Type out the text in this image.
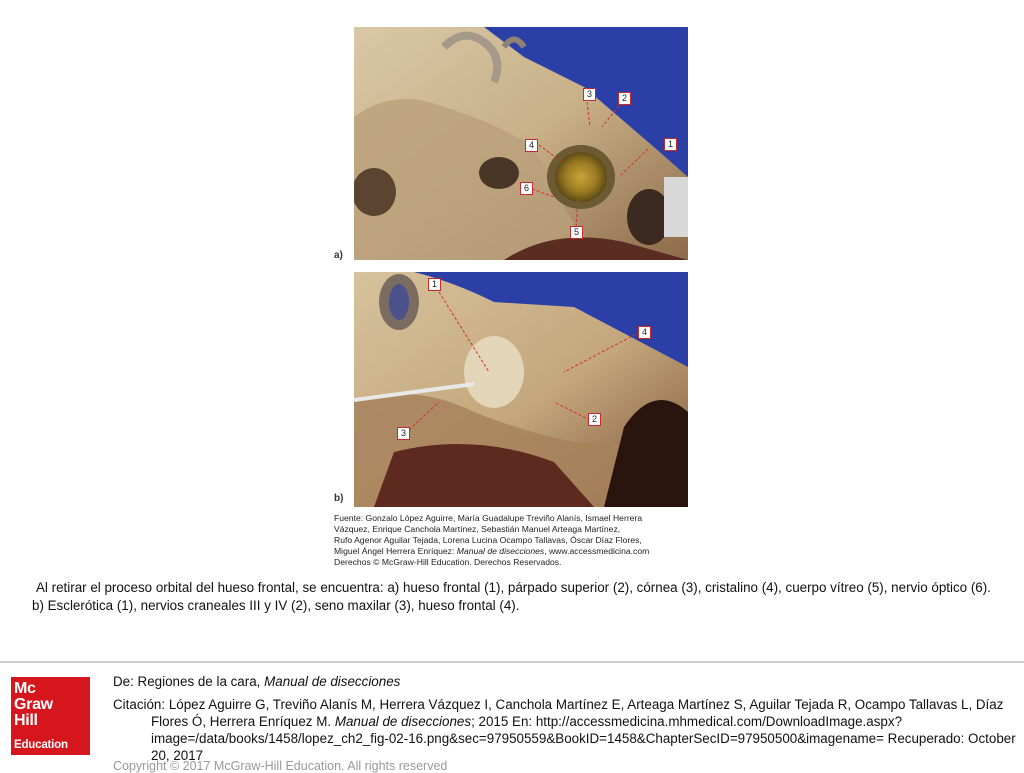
1
2
3
4
5
6
a)
1
2
3
4
b)
Fuente: Gonzalo López Aguirre, María Guadalupe Treviño Alanís, Ismael Herrera
Vázquez, Enrique Canchola Martínez, Sebastián Manuel Arteaga Martínez,
Rufo Agenor Aguilar Tejada, Lorena Lucina Ocampo Tallavas, Óscar Díaz Flores,
Miguel Ángel Herrera Enríquez: Manual de disecciones, www.accessmedicina.com
Derechos © McGraw-Hill Education. Derechos Reservados.
Al retirar el proceso orbital del hueso frontal, se encuentra: a) hueso frontal (1), párpado superior (2), córnea (3), cristalino (4), cuerpo vítreo (5), nervio óptico (6). b) Esclerótica (1), nervios craneales III y IV (2), seno maxilar (3), hueso frontal (4).
Mc
Graw
Hill
Education
De: Regiones de la cara, Manual de disecciones
Citación: López Aguirre G, Treviño Alanís M, Herrera Vázquez I, Canchola Martínez E, Arteaga Martínez S, Aguilar Tejada R, Ocampo Tallavas L, Díaz Flores Ó, Herrera Enríquez M. Manual de disecciones; 2015 En: http://accessmedicina.mhmedical.com/DownloadImage.aspx?image=/data/books/1458/lopez_ch2_fig-02-16.png&sec=97950559&BookID=1458&ChapterSecID=97950500&imagename= Recuperado: October 20, 2017
Copyright © 2017 McGraw-Hill Education. All rights reserved
